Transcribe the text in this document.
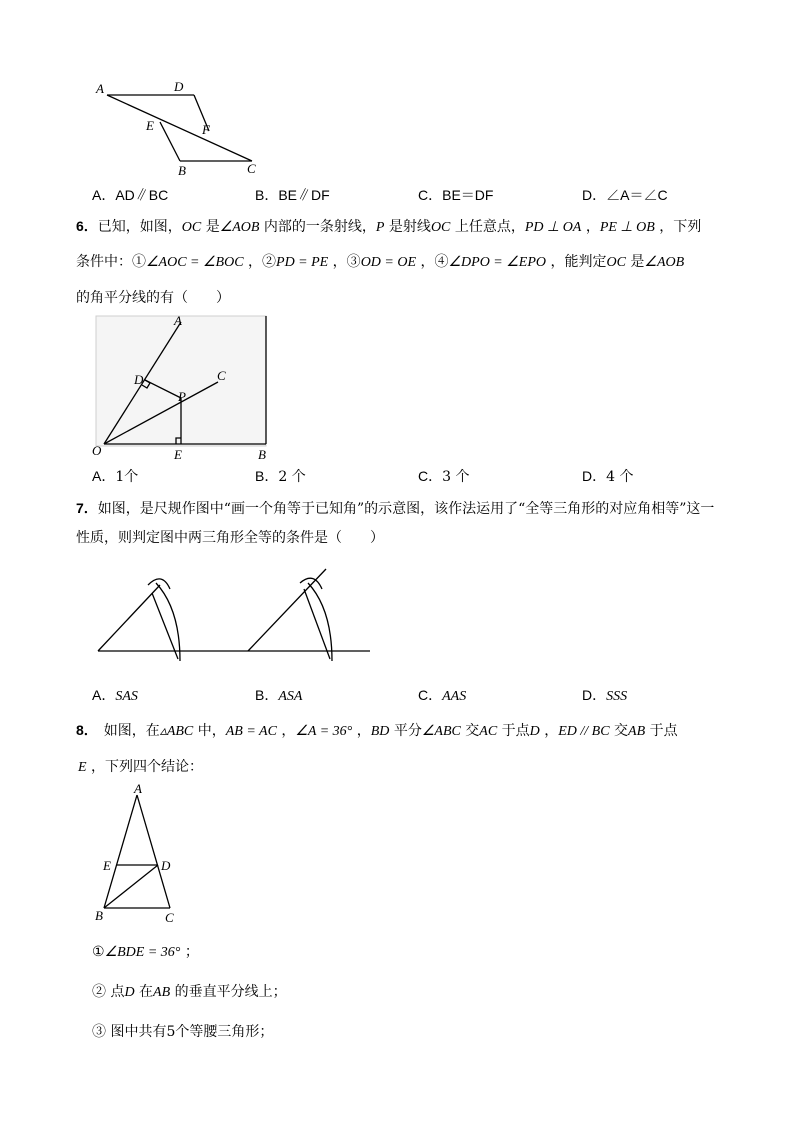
A	D
E	F
B	C
A．AD∥BC	B．BE∥DF	C．BE＝DF	D．∠A＝∠C
6．已知，如图，OC 是∠AOB 内部的一条射线，P 是射线OC 上任意点，PD ⊥ OA ，PE ⊥ OB ，下列
条件中：①∠AOC = ∠BOC ，②PD = PE ，③OD = OE ，④∠DPO = ∠EPO ，能判定OC 是∠AOB
的角平分线的有（　　）
A
C
D
P
O	E	B
A．1个	B．2 个	C．3 个	D．4 个
7．如图，是尺规作图中“画一个角等于已知角”的示意图，该作法运用了“全等三角形的对应角相等”这一
性质，则判定图中两三角形全等的条件是（　　）
A．SAS	B．ASA	C．AAS	D．SSS
8． 如图，在▵ABC 中，AB = AC ，∠A = 36° ，BD 平分∠ABC 交AC 于点D ，ED // BC 交AB 于点
E ，下列四个结论：
A
E	D
B	C
①∠BDE = 36° ；
② 点D 在AB 的垂直平分线上；
③ 图中共有5个等腰三角形；
